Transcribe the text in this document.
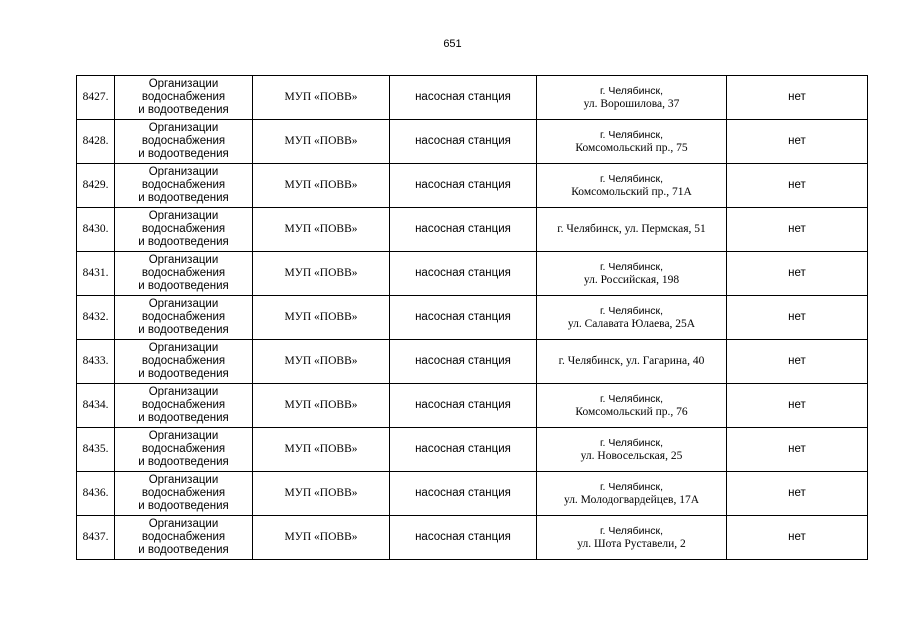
651
8427.	Организации
водоснабжения
и водоотведения	МУП «ПОВВ»	насосная станция	г. Челябинск,
ул. Ворошилова, 37	нет
8428.	Организации
водоснабжения
и водоотведения	МУП «ПОВВ»	насосная станция	г. Челябинск,
Комсомольский пр., 75	нет
8429.	Организации
водоснабжения
и водоотведения	МУП «ПОВВ»	насосная станция	г. Челябинск,
Комсомольский пр., 71А	нет
8430.	Организации
водоснабжения
и водоотведения	МУП «ПОВВ»	насосная станция	г. Челябинск, ул. Пермская, 51	нет
8431.	Организации
водоснабжения
и водоотведения	МУП «ПОВВ»	насосная станция	г. Челябинск,
ул. Российская, 198	нет
8432.	Организации
водоснабжения
и водоотведения	МУП «ПОВВ»	насосная станция	г. Челябинск,
ул. Салавата Юлаева, 25А	нет
8433.	Организации
водоснабжения
и водоотведения	МУП «ПОВВ»	насосная станция	г. Челябинск, ул. Гагарина, 40	нет
8434.	Организации
водоснабжения
и водоотведения	МУП «ПОВВ»	насосная станция	г. Челябинск,
Комсомольский пр., 76	нет
8435.	Организации
водоснабжения
и водоотведения	МУП «ПОВВ»	насосная станция	г. Челябинск,
ул. Новосельская, 25	нет
8436.	Организации
водоснабжения
и водоотведения	МУП «ПОВВ»	насосная станция	г. Челябинск,
ул. Молодогвардейцев, 17А	нет
8437.	Организации
водоснабжения
и водоотведения	МУП «ПОВВ»	насосная станция	г. Челябинск,
ул. Шота Руставели, 2	нет
